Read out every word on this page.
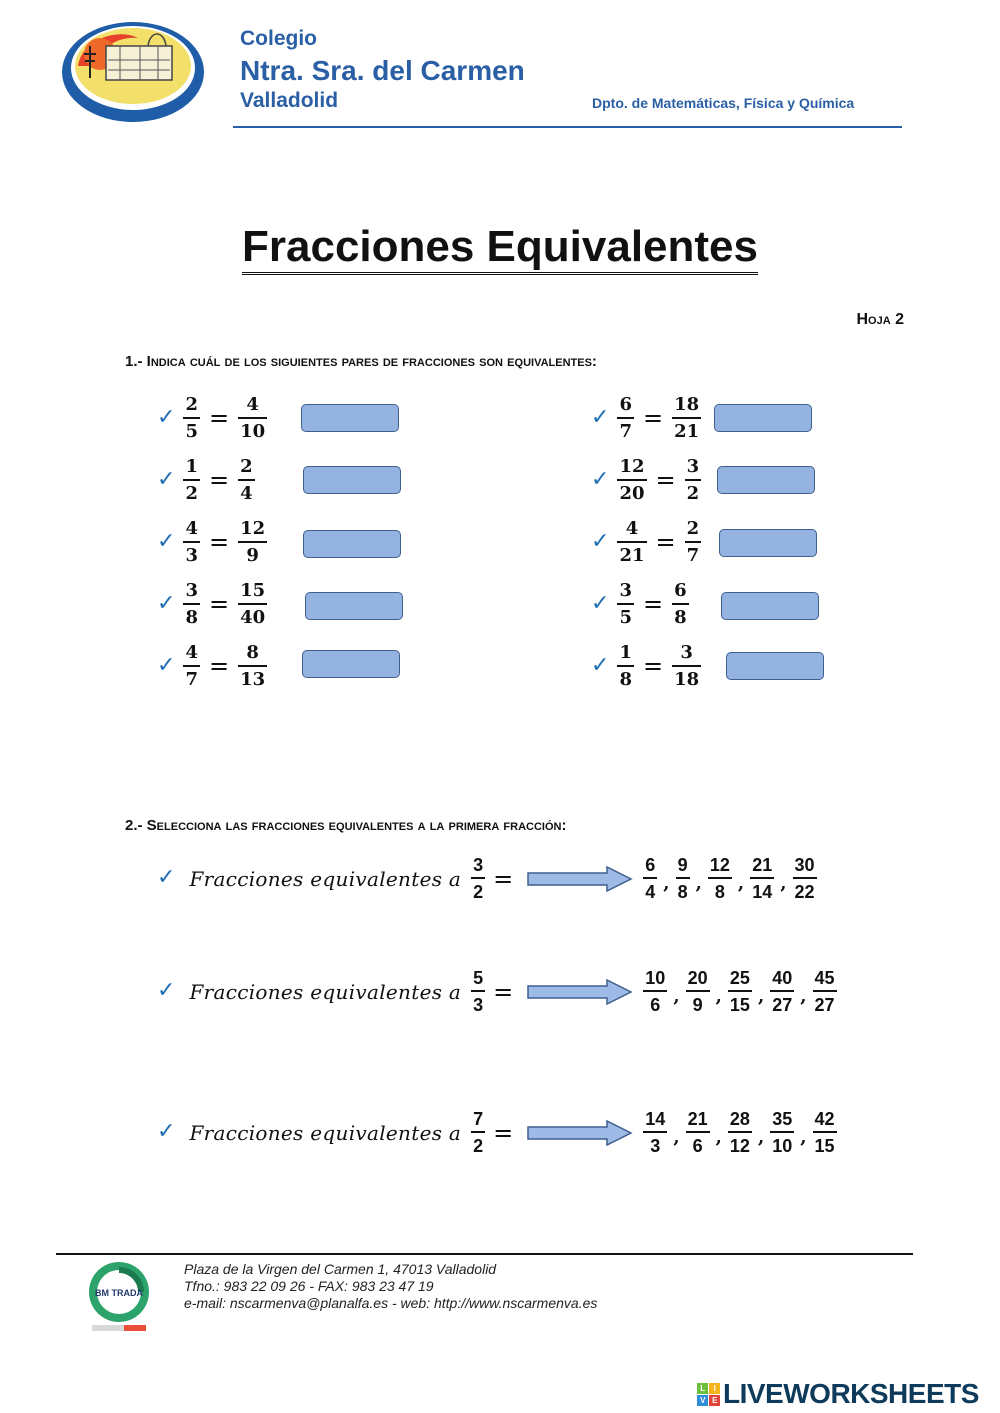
Colegio
Ntra. Sra. del Carmen
Valladolid	Dpto. de Matemáticas, Física y Química
Fracciones Equivalentes
Hoja 2
1.- Indica cuál de los siguientes pares de fracciones son equivalentes:
✓ $\frac{2}{5} = \frac{4}{10}$
✓ $\frac{1}{2} = \frac{2}{4}$
✓ $\frac{4}{3} = \frac{12}{9}$
✓ $\frac{3}{8} = \frac{15}{40}$
✓ $\frac{4}{7} = \frac{8}{13}$
✓ $\frac{6}{7} = \frac{18}{21}$
✓ $\frac{12}{20} = \frac{3}{2}$
✓ $\frac{4}{21} = \frac{2}{7}$
✓ $\frac{3}{5} = \frac{6}{8}$
✓ $\frac{1}{8} = \frac{3}{18}$
2.- Selecciona las fracciones equivalentes a la primera fracción:
✓ Fracciones equivalentes a $\frac{3}{2}$ =	$\frac{6}{4}$ , $\frac{9}{8}$ , $\frac{12}{8}$ , $\frac{21}{14}$ , $\frac{30}{22}$
✓ Fracciones equivalentes a $\frac{5}{3}$ =	$\frac{10}{6}$ , $\frac{20}{9}$ , $\frac{25}{15}$ , $\frac{40}{27}$ , $\frac{45}{27}$
✓ Fracciones equivalentes a $\frac{7}{2}$ =	$\frac{14}{3}$ , $\frac{21}{6}$ , $\frac{28}{12}$ , $\frac{35}{10}$ , $\frac{42}{15}$
BM TRADA
Plaza de la Virgen del Carmen 1, 47013 Valladolid
Tfno.: 983 22 09 26 - FAX: 983 23 47 19
e-mail: nscarmenva@planalfa.es - web: http://www.nscarmenva.es
L	I
V E LIVEWORKSHEETS
